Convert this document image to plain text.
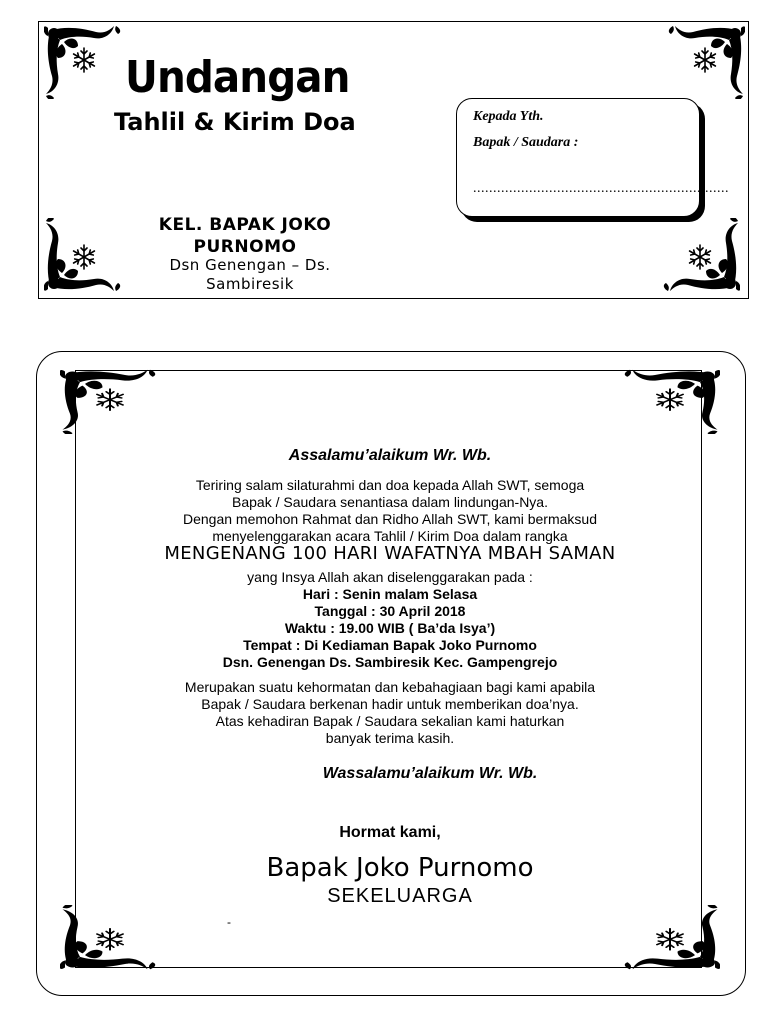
Undangan
Tahlil & Kirim Doa
KEL. BAPAK JOKO PURNOMO
Dsn Genengan – Ds. Sambiresik
Kepada Yth.
Bapak / Saudara :
................................................................
Assalamu’alaikum Wr. Wb.
Teriring salam silaturahmi dan doa kepada Allah SWT, semoga
Bapak / Saudara senantiasa dalam lindungan-Nya.
Dengan memohon Rahmat dan Ridho Allah SWT, kami bermaksud
menyelenggarakan acara Tahlil / Kirim Doa dalam rangka
MENGENANG 100 HARI WAFATNYA MBAH SAMAN
yang Insya Allah akan diselenggarakan pada :
Hari : Senin malam Selasa
Tanggal : 30 April 2018
Waktu : 19.00 WIB ( Ba’da Isya’)
Tempat : Di Kediaman Bapak Joko Purnomo
Dsn. Genengan Ds. Sambiresik Kec. Gampengrejo
Merupakan suatu kehormatan dan kebahagiaan bagi kami apabila
Bapak / Saudara berkenan hadir untuk memberikan doa’nya.
Atas kehadiran Bapak / Saudara sekalian kami haturkan
banyak terima kasih.
Wassalamu’alaikum Wr. Wb.
Hormat kami,
Bapak Joko Purnomo
SEKELUARGA
-
